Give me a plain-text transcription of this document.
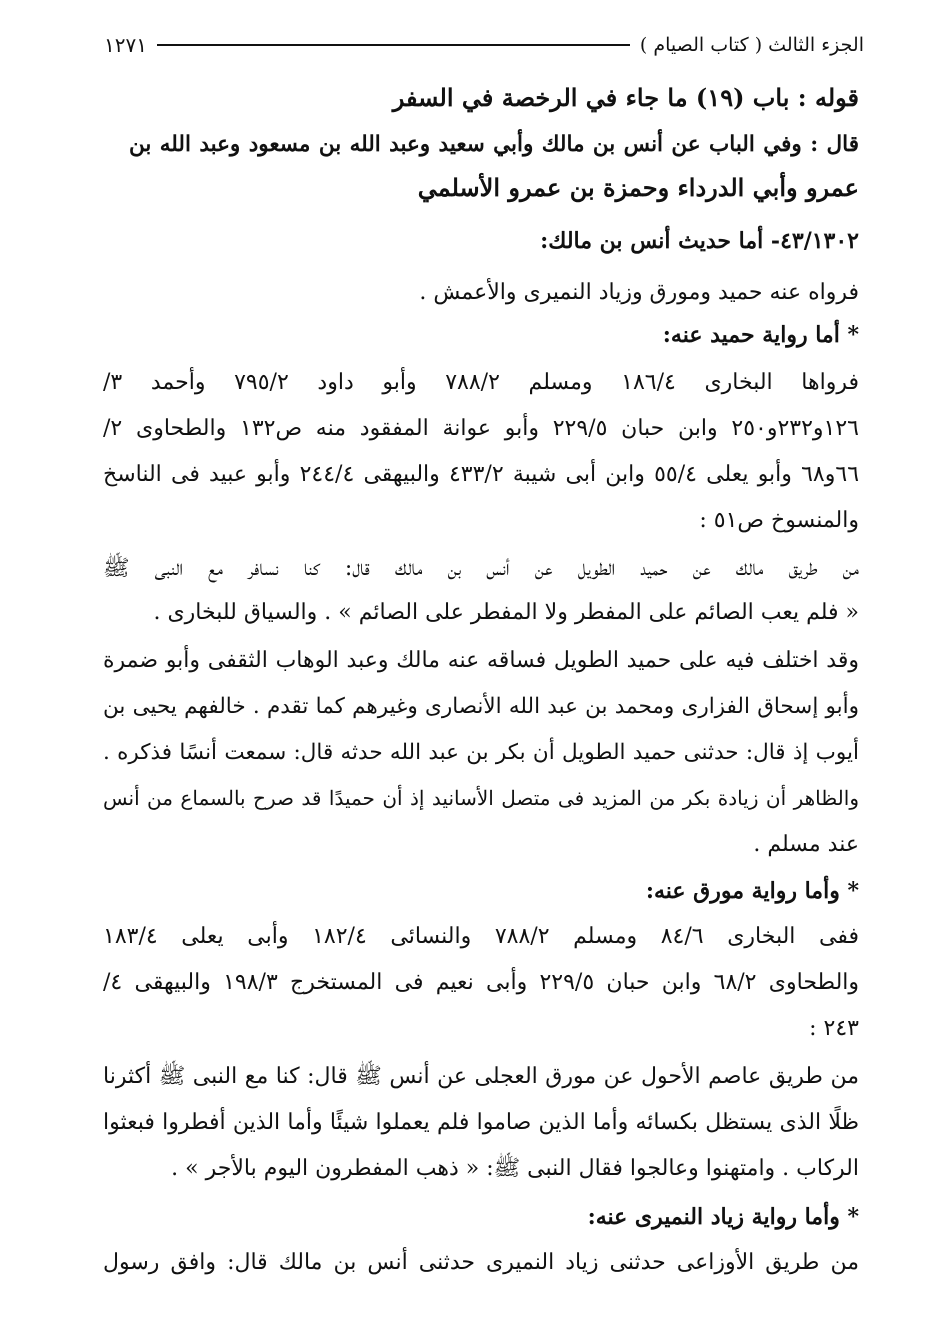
الجزء الثالث ( كتاب الصيام )
١٢٧١
قوله : باب (١٩) ما جاء في الرخصة في السفر
قال : وفي الباب عن أنس بن مالك وأبي سعيد وعبد الله بن مسعود وعبد الله بن
عمرو وأبي الدرداء وحمزة بن عمرو الأسلمي
٤٣/١٣٠٢- أما حديث أنس بن مالك:
فرواه عنه حميد ومورق وزياد النميرى والأعمش .
* أما رواية حميد عنه:
فرواها البخارى ١٨٦/٤ ومسلم ٧٨٨/٢ وأبو داود ٧٩٥/٢ وأحمد ٣/
١٢٦و٢٣٢و٢٥٠ وابن حبان ٢٢٩/٥ وأبو عوانة المفقود منه ص١٣٢ والطحاوى ٢/
٦٦و٦٨ وأبو يعلى ٥٥/٤ وابن أبى شيبة ٤٣٣/٢ والبيهقى ٢٤٤/٤ وأبو عبيد فى الناسخ
والمنسوخ ص٥١ :
من طريق مالك عن حميد الطويل عن أنس بن مالك قال: كنا نسافر مع النبى ﷺ
« فلم يعب الصائم على المفطر ولا المفطر على الصائم » . والسياق للبخارى .
وقد اختلف فيه على حميد الطويل فساقه عنه مالك وعبد الوهاب الثقفى وأبو ضمرة
وأبو إسحاق الفزارى ومحمد بن عبد الله الأنصارى وغيرهم كما تقدم . خالفهم يحيى بن
أيوب إذ قال: حدثنى حميد الطويل أن بكر بن عبد الله حدثه قال: سمعت أنسًا فذكره .
والظاهر أن زيادة بكر من المزيد فى متصل الأسانيد إذ أن حميدًا قد صرح بالسماع من أنس
عند مسلم .
* وأما رواية مورق عنه:
ففى البخارى ٨٤/٦ ومسلم ٧٨٨/٢ والنسائى ١٨٢/٤ وأبى يعلى ١٨٣/٤
والطحاوى ٦٨/٢ وابن حبان ٢٢٩/٥ وأبى نعيم فى المستخرج ١٩٨/٣ والبيهقى ٤/
٢٤٣ :
من طريق عاصم الأحول عن مورق العجلى عن أنس ﷺ قال: كنا مع النبى ﷺ أكثرنا
ظلًا الذى يستظل بكسائه وأما الذين صاموا فلم يعملوا شيئًا وأما الذين أفطروا فبعثوا
الركاب . وامتهنوا وعالجوا فقال النبى ﷺ: « ذهب المفطرون اليوم بالأجر » .
* وأما رواية زياد النميرى عنه:
من طريق الأوزاعى حدثنى زياد النميرى حدثنى أنس بن مالك قال: وافق رسول
